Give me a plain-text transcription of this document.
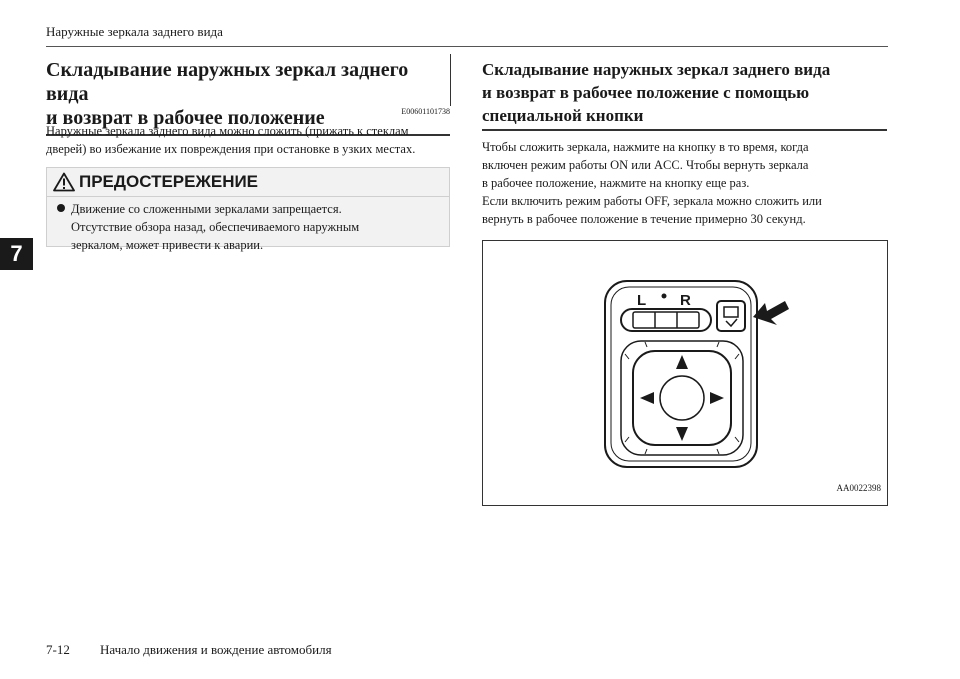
Наружные зеркала заднего вида
7
Складывание наружных зеркал заднего вида
и возврат в рабочее положение	E00601101738
Наружные зеркала заднего вида можно сложить (прижать к стеклам дверей) во избежание их повреждения при остановке в узких местах.
ПРЕДОСТЕРЕЖЕНИЕ
Движение со сложенными зеркалами запрещается.
Отсутствие обзора назад, обеспечиваемого наружным
зеркалом, может привести к аварии.
Складывание наружных зеркал заднего вида
и возврат в рабочее положение с помощью
специальной кнопки

Чтобы сложить зеркала, нажмите на кнопку в то время, когда

включен режим работы ON или ACC. Чтобы вернуть зеркала

в рабочее положение, нажмите на кнопку еще раз.

Если включить режим работы OFF, зеркала можно сложить или

вернуть в рабочее положение в течение примерно 30 секунд.

L R
AA0022398
7-12 Начало движения и вождение автомобиля
